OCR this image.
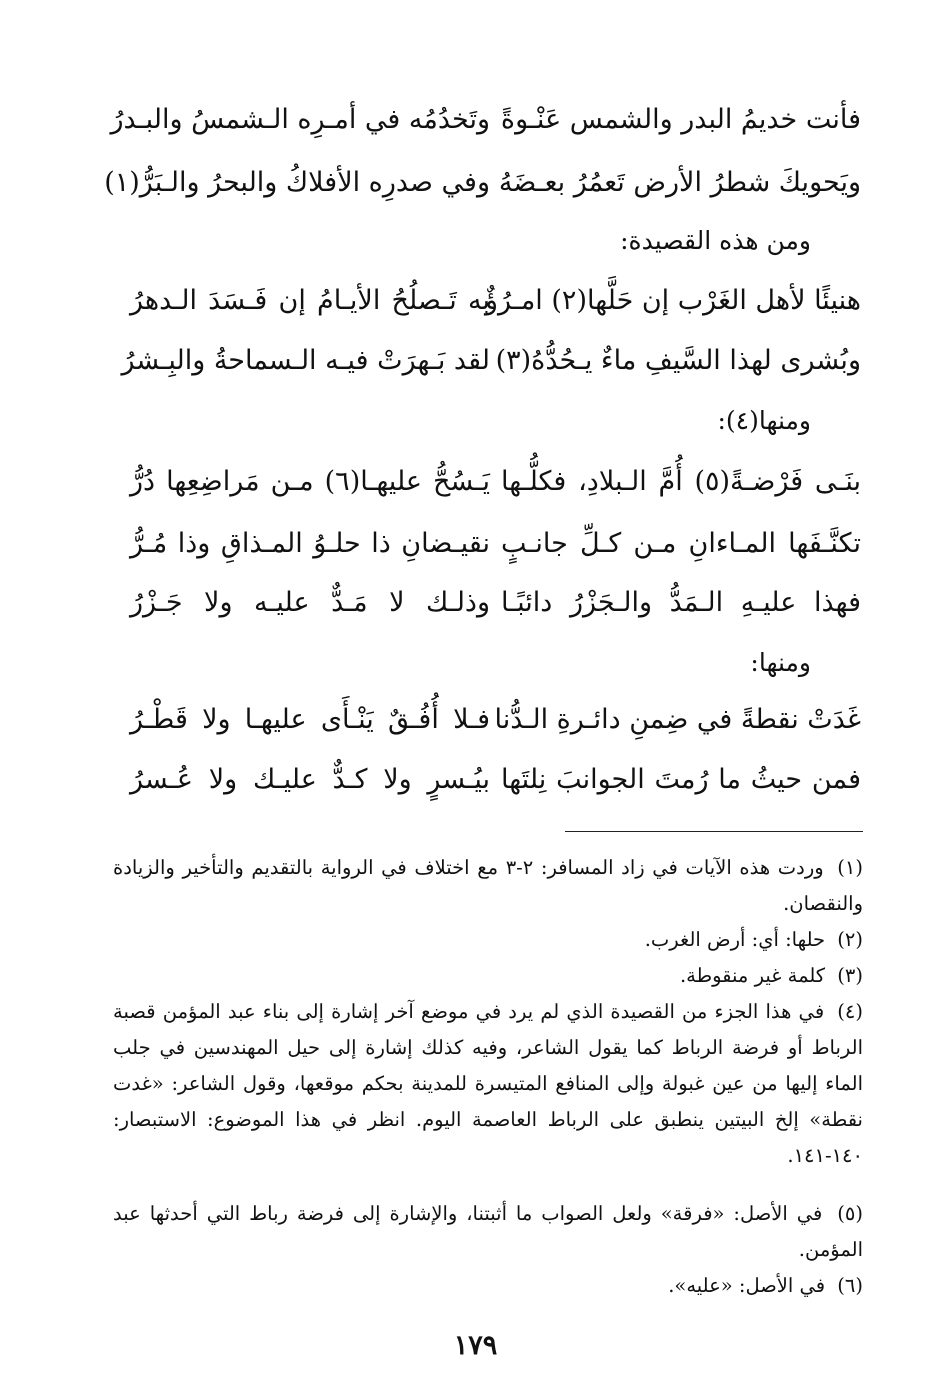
فأنت خديمُ البدر والشمس عَنْـوةً
وتَخدُمُه في أمـرِه الـشمسُ والبـدرُ
ويَحويكَ شطرُ الأرض تَعمُرُ بعـضَهُ
وفي صدرِه الأفلاكُ والبحرُ والـبَرُّ(١)
ومن هذه القصيدة:
هنيئًا لأهل الغَرْب إن حَلَّها(٢) امـرُؤٌ
به تَـصلُحُ الأيـامُ إن فَـسَدَ الـدهرُ
وبُشرى لهذا السَّيفِ ماءٌ يـحُدُّهُ(٣)
لقد بَـهرَتْ فيـه الـسماحةُ والبِـشرُ
ومنها(٤):
بنَـى فَرْضـةً(٥) أُمَّ الـبلادِ، فكلُّـها
يَـسُحُّ عليهـا(٦) مـن مَراضِعِها دُرُّ
تكنَّـفَها المـاءانِ مـن كـلِّ جانـبٍ
نقيـضانِ ذا حلـوُ المـذاقِ وذا مُـرُّ
فهذا عليـهِ الـمَدُّ والـجَزْرُ دائبًـا
وذلـك لا مَـدٌّ عليـه ولا جَـزْرُ
ومنها:
غَدَتْ نقطةً في ضِمنِ دائـرةِ الـدُّنا
فـلا أُفُـقٌ يَنْـأَى عليهـا ولا قَطْـرُ
فمن حيثُ ما رُمتَ الجوانبَ نِلتَها
بيُـسرٍ ولا كـدٌّ عليـك ولا عُـسرُ

(١) وردت هذه الآيات في زاد المسافر: ٢-٣ مع اختلاف في الرواية بالتقديم والتأخير والزيادة والنقصان.

(٢) حلها: أي: أرض الغرب.

(٣) كلمة غير منقوطة.

(٤) في هذا الجزء من القصيدة الذي لم يرد في موضع آخر إشارة إلى بناء عبد المؤمن قصبة الرباط أو فرضة الرباط كما يقول الشاعر، وفيه كذلك إشارة إلى حيل المهندسين في جلب الماء إليها من عين غبولة وإلى المنافع المتيسرة للمدينة بحكم موقعها، وقول الشاعر: «غدت نقطة» إلخ البيتين ينطبق على الرباط العاصمة اليوم. انظر في هذا الموضوع: الاستبصار: ١٤٠-١٤١.

(٥) في الأصل: «فرقة» ولعل الصواب ما أثبتنا، والإشارة إلى فرضة رباط التي أحدثها عبد المؤمن.

(٦) في الأصل: «عليه».

١٧٩
